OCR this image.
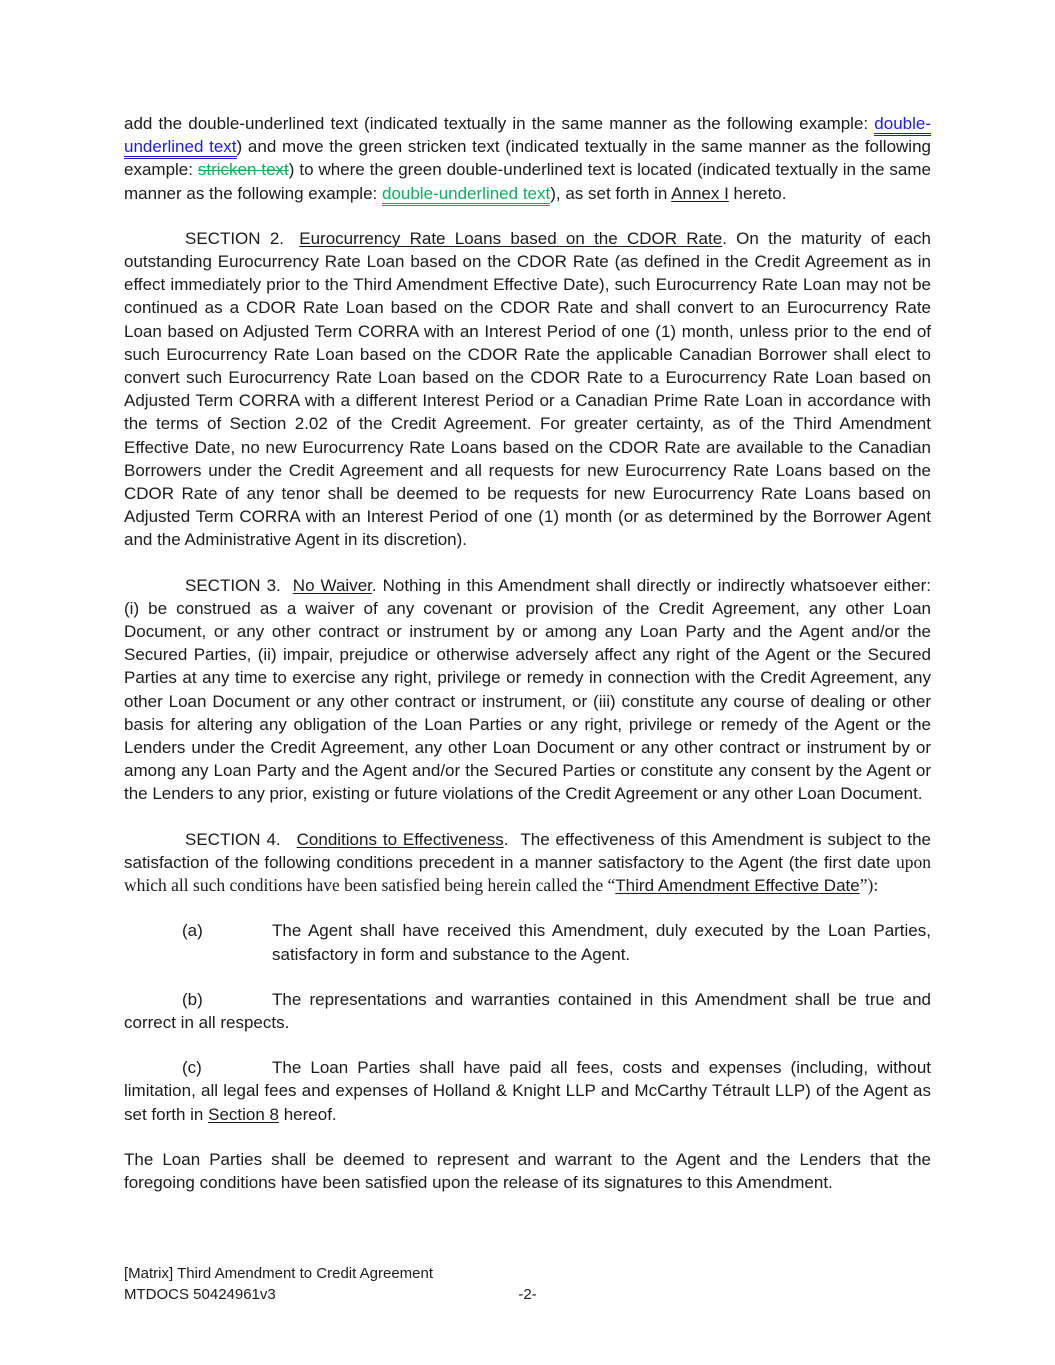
add the double-underlined text (indicated textually in the same manner as the following example: double-underlined text) and move the green stricken text (indicated textually in the same manner as the following example: stricken text) to where the green double-underlined text is located (indicated textually in the same manner as the following example: double-underlined text), as set forth in Annex I hereto.
SECTION 2. Eurocurrency Rate Loans based on the CDOR Rate. On the maturity of each outstanding Eurocurrency Rate Loan based on the CDOR Rate (as defined in the Credit Agreement as in effect immediately prior to the Third Amendment Effective Date), such Eurocurrency Rate Loan may not be continued as a CDOR Rate Loan based on the CDOR Rate and shall convert to an Eurocurrency Rate Loan based on Adjusted Term CORRA with an Interest Period of one (1) month, unless prior to the end of such Eurocurrency Rate Loan based on the CDOR Rate the applicable Canadian Borrower shall elect to convert such Eurocurrency Rate Loan based on the CDOR Rate to a Eurocurrency Rate Loan based on Adjusted Term CORRA with a different Interest Period or a Canadian Prime Rate Loan in accordance with the terms of Section 2.02 of the Credit Agreement. For greater certainty, as of the Third Amendment Effective Date, no new Eurocurrency Rate Loans based on the CDOR Rate are available to the Canadian Borrowers under the Credit Agreement and all requests for new Eurocurrency Rate Loans based on the CDOR Rate of any tenor shall be deemed to be requests for new Eurocurrency Rate Loans based on Adjusted Term CORRA with an Interest Period of one (1) month (or as determined by the Borrower Agent and the Administrative Agent in its discretion).
SECTION 3. No Waiver. Nothing in this Amendment shall directly or indirectly whatsoever either:  (i) be construed as a waiver of any covenant or provision of the Credit Agreement, any other Loan Document, or any other contract or instrument by or among any Loan Party and the Agent and/or the Secured Parties, (ii) impair, prejudice or otherwise adversely affect any right of the Agent or the Secured Parties at any time to exercise any right, privilege or remedy in connection with the Credit Agreement, any other Loan Document or any other contract or instrument, or (iii) constitute any course of dealing or other basis for altering any obligation of the Loan Parties or any right, privilege or remedy of the Agent or the Lenders under the Credit Agreement, any other Loan Document or any other contract or instrument by or among any Loan Party and the Agent and/or the Secured Parties or constitute any consent by the Agent or the Lenders to any prior, existing or future violations of the Credit Agreement or any other Loan Document.
SECTION 4. Conditions to Effectiveness. The effectiveness of this Amendment is subject to the satisfaction of the following conditions precedent in a manner satisfactory to the Agent (the first date upon which all such conditions have been satisfied being herein called the “Third Amendment Effective Date”):
(a)	The Agent shall have received this Amendment, duly executed by the Loan Parties, satisfactory in form and substance to the Agent.
(b)	The representations and warranties contained in this Amendment shall be true and correct in all respects.
(c)	The Loan Parties shall have paid all fees, costs and expenses (including, without limitation, all legal fees and expenses of Holland & Knight LLP and McCarthy Tétrault LLP) of the Agent as set forth in Section 8 hereof.
The Loan Parties shall be deemed to represent and warrant to the Agent and the Lenders that the foregoing conditions have been satisfied upon the release of its signatures to this Amendment.
[Matrix] Third Amendment to Credit Agreement
MTDOCS 50424961v3	-2-
